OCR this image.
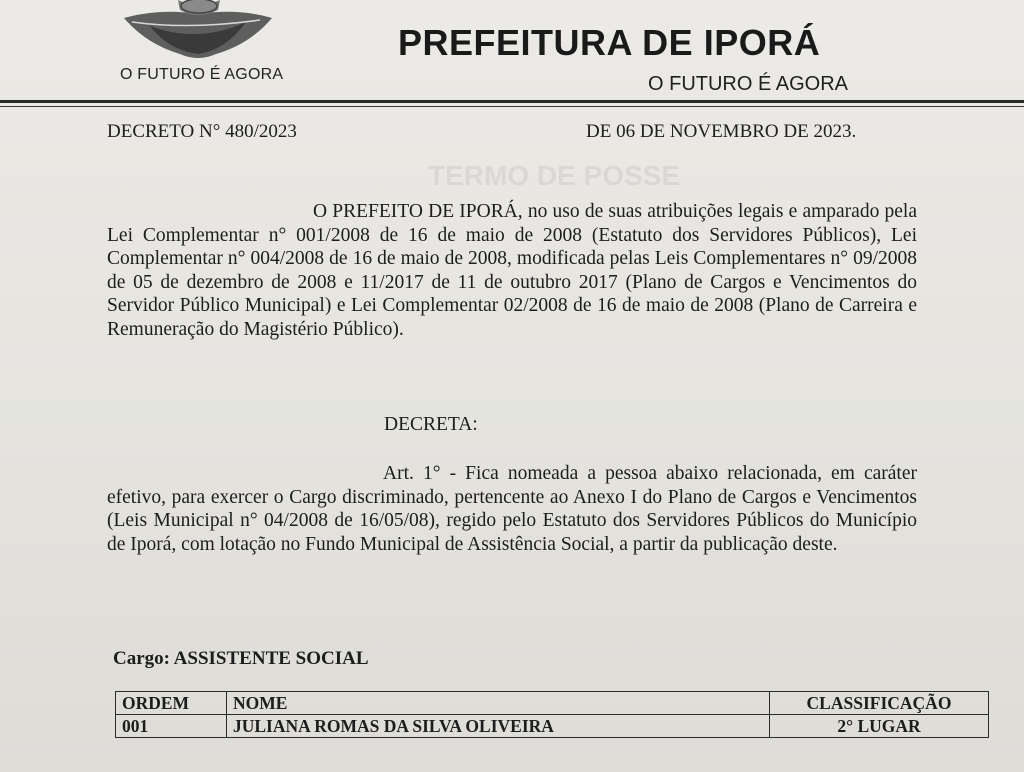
O FUTURO É AGORA
PREFEITURA DE IPORÁ
O FUTURO É AGORA
DECRETO N° 480/2023	DE 06 DE NOVEMBRO DE 2023.
TERMO DE POSSE
O PREFEITO DE IPORÁ, no uso de suas atribuições legais e amparado pela Lei Complementar n° 001/2008 de 16 de maio de 2008 (Estatuto dos Servidores Públicos), Lei Complementar n° 004/2008 de 16 de maio de 2008, modificada pelas Leis Complementares n° 09/2008 de 05 de dezembro de 2008 e 11/2017 de 11 de outubro 2017 (Plano de Cargos e Vencimentos do Servidor Público Municipal) e Lei Complementar 02/2008 de 16 de maio de 2008 (Plano de Carreira e Remuneração do Magistério Público).
DECRETA:
Art. 1° - Fica nomeada a pessoa abaixo relacionada, em caráter efetivo, para exercer o Cargo discriminado, pertencente ao Anexo I do Plano de Cargos e Vencimentos (Leis Municipal n° 04/2008 de 16/05/08), regido pelo Estatuto dos Servidores Públicos do Município de Iporá, com lotação no Fundo Municipal de Assistência Social, a partir da publicação deste.
Cargo: ASSISTENTE SOCIAL
ORDEM	NOME	CLASSIFICAÇÃO
001	JULIANA ROMAS DA SILVA OLIVEIRA	2° LUGAR
